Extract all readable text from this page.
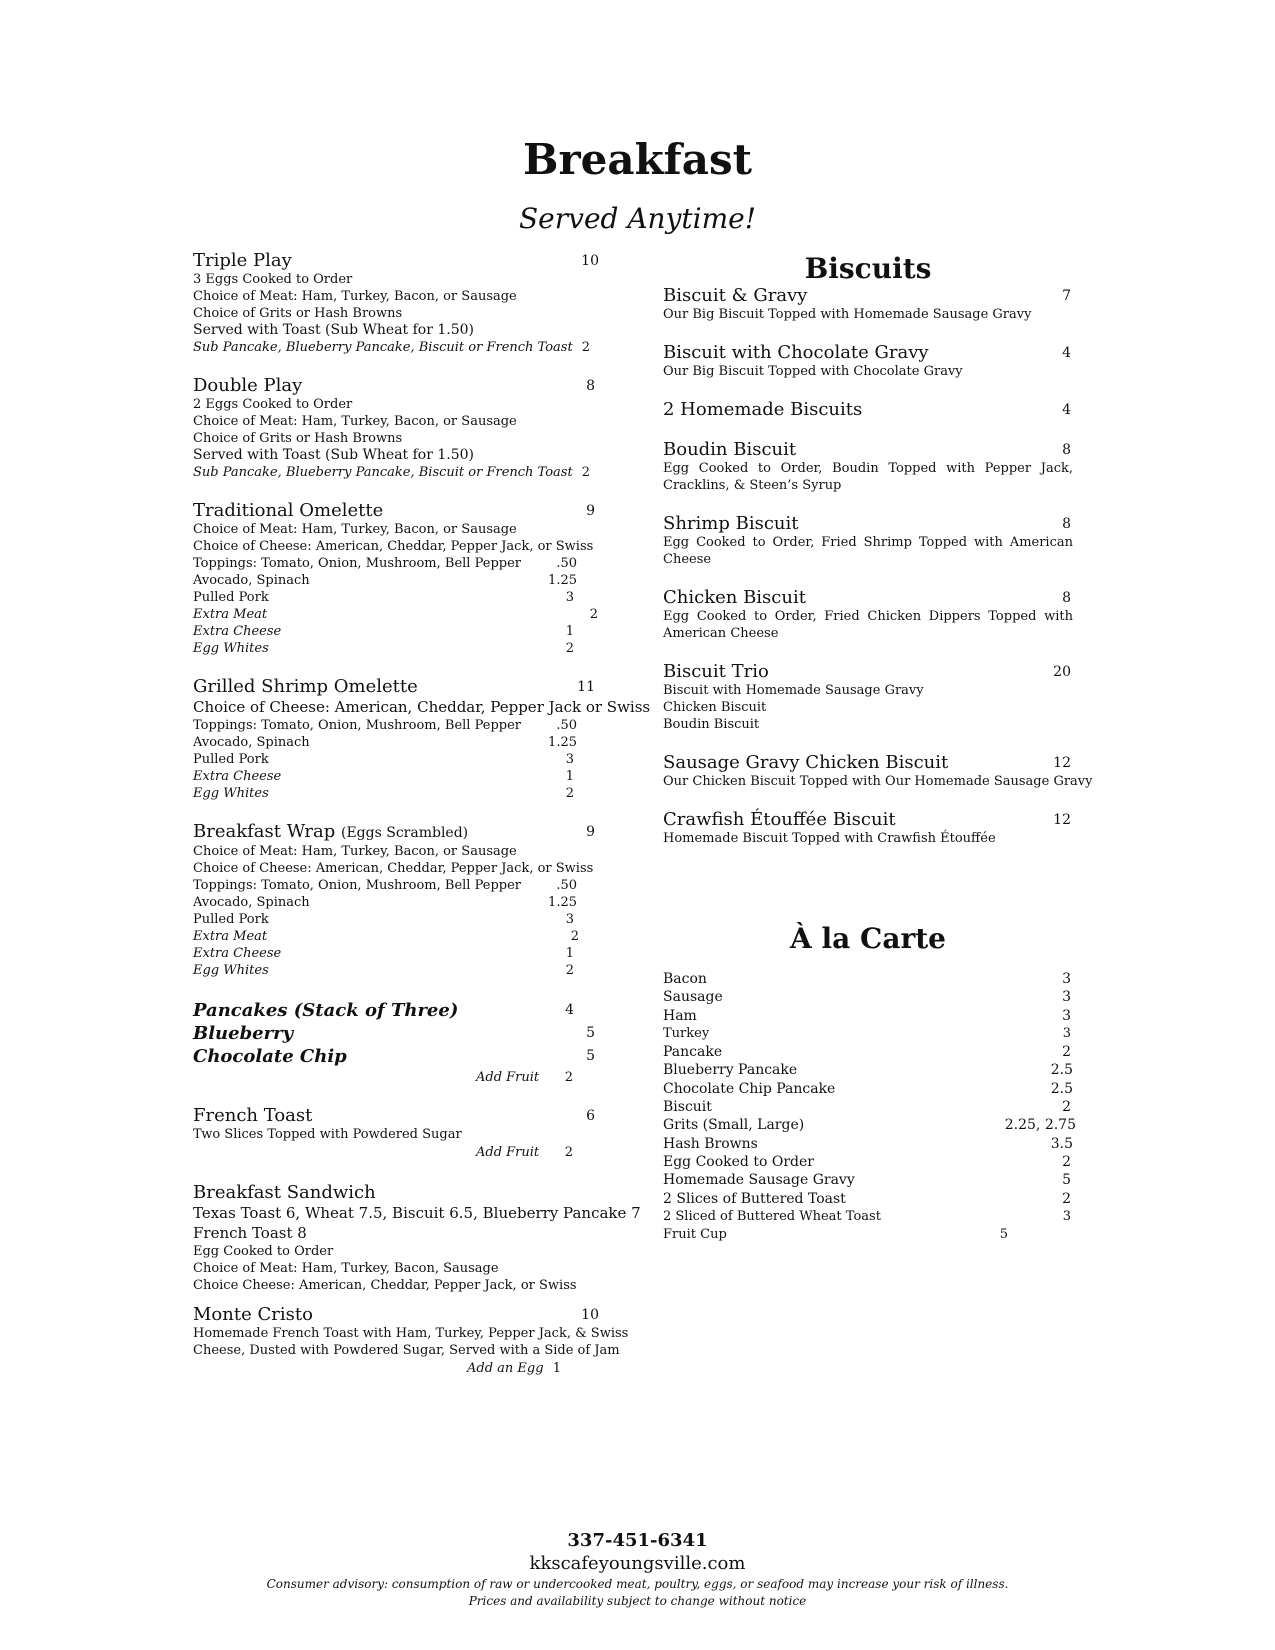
Breakfast
Served Anytime!
Triple Play	10
3 Eggs Cooked to Order
Choice of Meat: Ham, Turkey, Bacon, or Sausage
Choice of Grits or Hash Browns
Served with Toast (Sub Wheat for 1.50)
Sub Pancake, Blueberry Pancake, Biscuit or French Toast 2
Double Play	8
2 Eggs Cooked to Order
Choice of Meat: Ham, Turkey, Bacon, or Sausage
Choice of Grits or Hash Browns
Served with Toast (Sub Wheat for 1.50)
Sub Pancake, Blueberry Pancake, Biscuit or French Toast 2
Traditional Omelette	9
Choice of Meat: Ham, Turkey, Bacon, or Sausage
Choice of Cheese: American, Cheddar, Pepper Jack, or Swiss
Toppings: Tomato, Onion, Mushroom, Bell Pepper	.50
Avocado, Spinach	1.25
Pulled Pork	3
Extra Meat	2
Extra Cheese	1
Egg Whites	2
Grilled Shrimp Omelette	11
Choice of Cheese: American, Cheddar, Pepper Jack or Swiss
Toppings: Tomato, Onion, Mushroom, Bell Pepper	.50
Avocado, Spinach	1.25
Pulled Pork	3
Extra Cheese	1
Egg Whites	2
Breakfast Wrap (Eggs Scrambled)	9
Choice of Meat: Ham, Turkey, Bacon, or Sausage
Choice of Cheese: American, Cheddar, Pepper Jack, or Swiss
Toppings: Tomato, Onion, Mushroom, Bell Pepper	.50
Avocado, Spinach	1.25
Pulled Pork	3
Extra Meat	2
Extra Cheese	1
Egg Whites	2
Pancakes (Stack of Three)	4
Blueberry	5
Chocolate Chip	5
Add Fruit 2
French Toast	6
Two Slices Topped with Powdered Sugar
Add Fruit 2
Breakfast Sandwich
Texas Toast 6, Wheat 7.5, Biscuit 6.5, Blueberry Pancake 7
French Toast 8
Egg Cooked to Order
Choice of Meat: Ham, Turkey, Bacon, Sausage
Choice Cheese: American, Cheddar, Pepper Jack, or Swiss
Monte Cristo	10
Homemade French Toast with Ham, Turkey, Pepper Jack, & Swiss
Cheese, Dusted with Powdered Sugar, Served with a Side of Jam
Add an Egg 1
Biscuits
Biscuit & Gravy	7
Our Big Biscuit Topped with Homemade Sausage Gravy
Biscuit with Chocolate Gravy	4
Our Big Biscuit Topped with Chocolate Gravy
2 Homemade Biscuits	4
Boudin Biscuit	8
Egg Cooked to Order, Boudin Topped with Pepper Jack, Cracklins, & Steen’s Syrup
Shrimp Biscuit	8
Egg Cooked to Order, Fried Shrimp Topped with American Cheese
Chicken Biscuit	8
Egg Cooked to Order, Fried Chicken Dippers Topped with American Cheese
Biscuit Trio	20
Biscuit with Homemade Sausage Gravy
Chicken Biscuit
Boudin Biscuit
Sausage Gravy Chicken Biscuit	12
Our Chicken Biscuit Topped with Our Homemade Sausage Gravy
Crawfish Étouffée Biscuit	12
Homemade Biscuit Topped with Crawfish Étouffée
À la Carte
Bacon	3
Sausage	3
Ham	3
Turkey	3
Pancake	2
Blueberry Pancake	2.5
Chocolate Chip Pancake	2.5
Biscuit	2
Grits (Small, Large)	2.25, 2.75
Hash Browns	3.5
Egg Cooked to Order	2
Homemade Sausage Gravy	5
2 Slices of Buttered Toast	2
2 Sliced of Buttered Wheat Toast	3
Fruit Cup	5
337-451-6341
kkscafeyoungsville.com
Consumer advisory: consumption of raw or undercooked meat, poultry, eggs, or seafood may increase your risk of illness.
Prices and availability subject to change without notice
